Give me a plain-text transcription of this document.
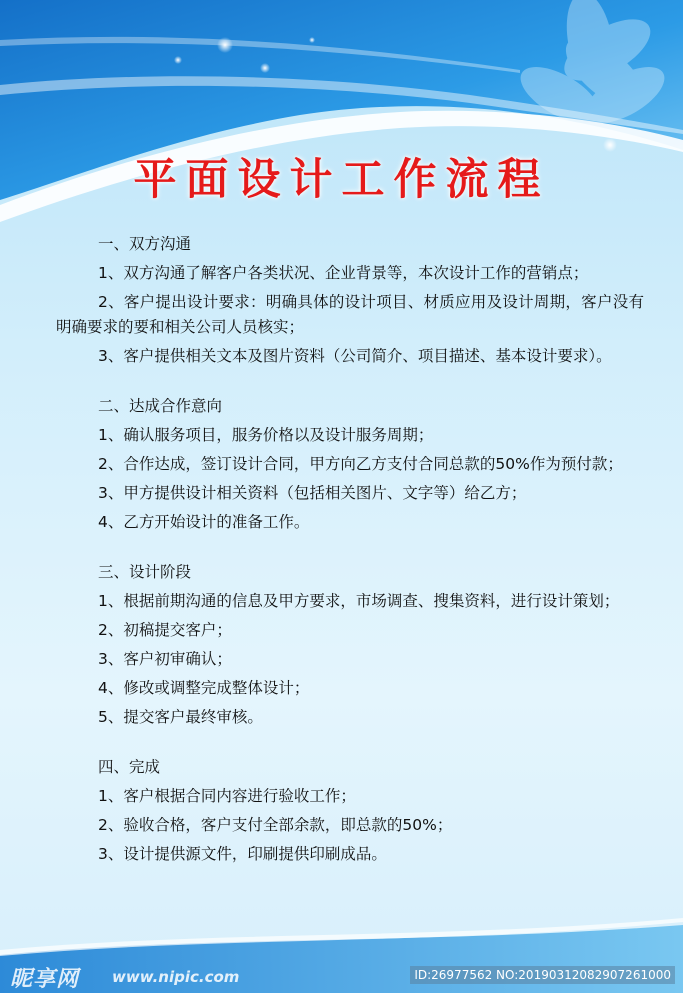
平面设计工作流程
一、双方沟通
1、双方沟通了解客户各类状况、企业背景等，本次设计工作的营销点；
2、客户提出设计要求：明确具体的设计项目、材质应用及设计周期，客户没有明确要求的要和相关公司人员核实；
3、客户提供相关文本及图片资料（公司简介、项目描述、基本设计要求）。
二、达成合作意向
1、确认服务项目，服务价格以及设计服务周期；
2、合作达成，签订设计合同，甲方向乙方支付合同总款的50%作为预付款；
3、甲方提供设计相关资料（包括相关图片、文字等）给乙方；
4、乙方开始设计的准备工作。
三、设计阶段
1、根据前期沟通的信息及甲方要求，市场调查、搜集资料，进行设计策划；
2、初稿提交客户；
3、客户初审确认；
4、修改或调整完成整体设计；
5、提交客户最终审核。
四、完成
1、客户根据合同内容进行验收工作；
2、验收合格，客户支付全部余款，即总款的50%；
3、设计提供源文件，印刷提供印刷成品。
昵享网 www.nipic.com	ID:26977562 NO:20190312082907261000
